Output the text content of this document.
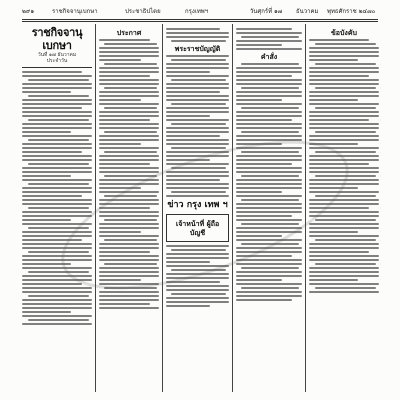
๒๙๑	ราชกิจจานุเบกษา	ประชาธิปไตย	กรุงเทพฯ	วันศุกร์ที่ ๑๗ ธันวาคม พุทธศักราช ๒๔๗๐
ราชกิจจานุเบกษา
วันที่ ๑๗ ธันวาคม
ประจำวัน
ประกาศ
พระราชบัญญัติ
ข่าว กรุง เทพ ฯ
เจ้าหน้าที่ ผู้ถือบัญชี
คำสั่ง
ข้อบังคับ
